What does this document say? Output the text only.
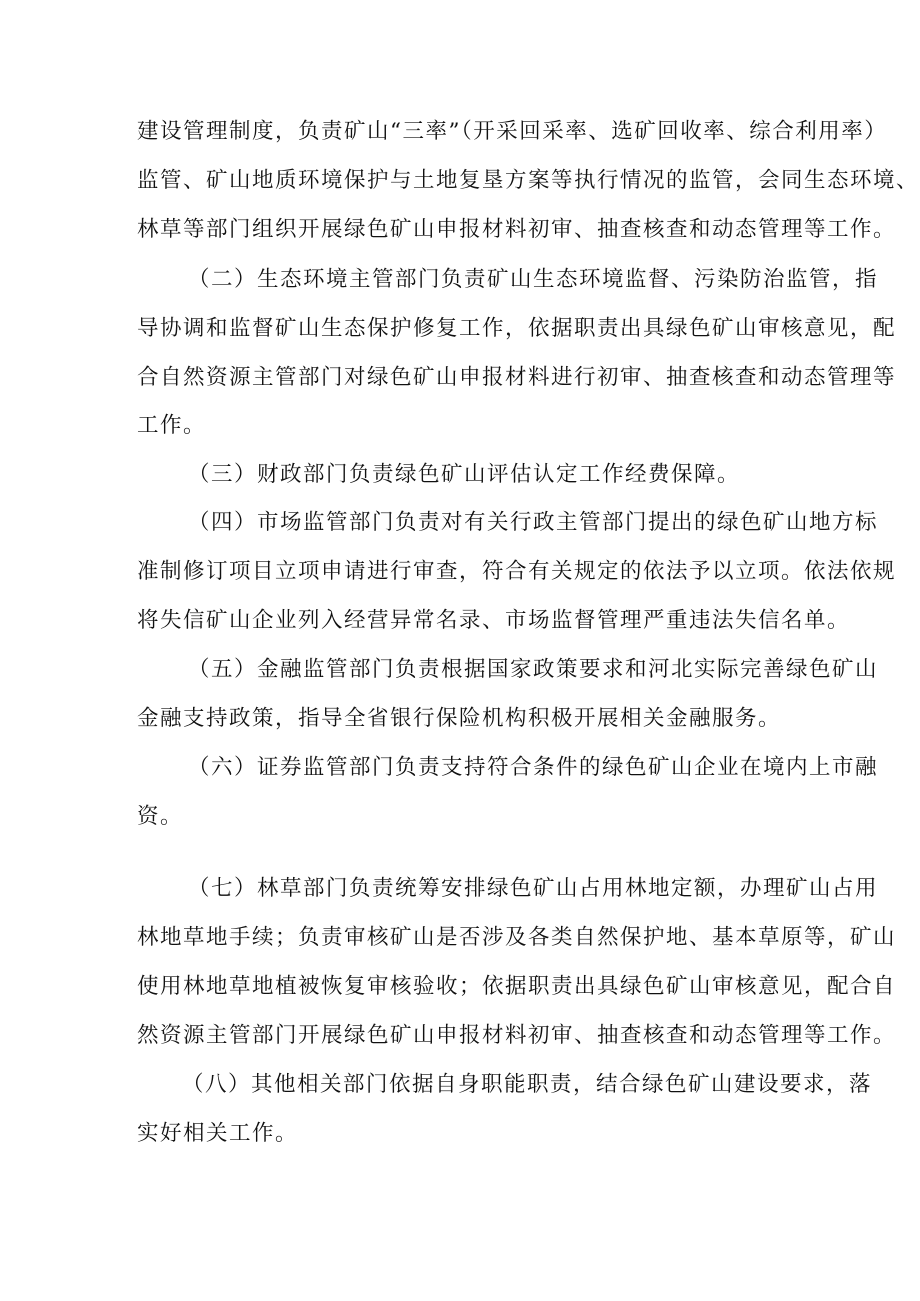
建设管理制度，负责矿山“三率”（开采回采率、选矿回收率、综合利用率）
监管、矿山地质环境保护与土地复垦方案等执行情况的监管，会同生态环境、
林草等部门组织开展绿色矿山申报材料初审、抽查核查和动态管理等工作。
（二）生态环境主管部门负责矿山生态环境监督、污染防治监管，指
导协调和监督矿山生态保护修复工作，依据职责出具绿色矿山审核意见，配
合自然资源主管部门对绿色矿山申报材料进行初审、抽查核查和动态管理等
工作。
（三）财政部门负责绿色矿山评估认定工作经费保障。
（四）市场监管部门负责对有关行政主管部门提出的绿色矿山地方标
准制修订项目立项申请进行审查，符合有关规定的依法予以立项。依法依规
将失信矿山企业列入经营异常名录、市场监督管理严重违法失信名单。
（五）金融监管部门负责根据国家政策要求和河北实际完善绿色矿山
金融支持政策，指导全省银行保险机构积极开展相关金融服务。
（六）证券监管部门负责支持符合条件的绿色矿山企业在境内上市融
资。
（七）林草部门负责统筹安排绿色矿山占用林地定额，办理矿山占用
林地草地手续；负责审核矿山是否涉及各类自然保护地、基本草原等，矿山
使用林地草地植被恢复审核验收；依据职责出具绿色矿山审核意见，配合自
然资源主管部门开展绿色矿山申报材料初审、抽查核查和动态管理等工作。
（八）其他相关部门依据自身职能职责，结合绿色矿山建设要求，落
实好相关工作。
